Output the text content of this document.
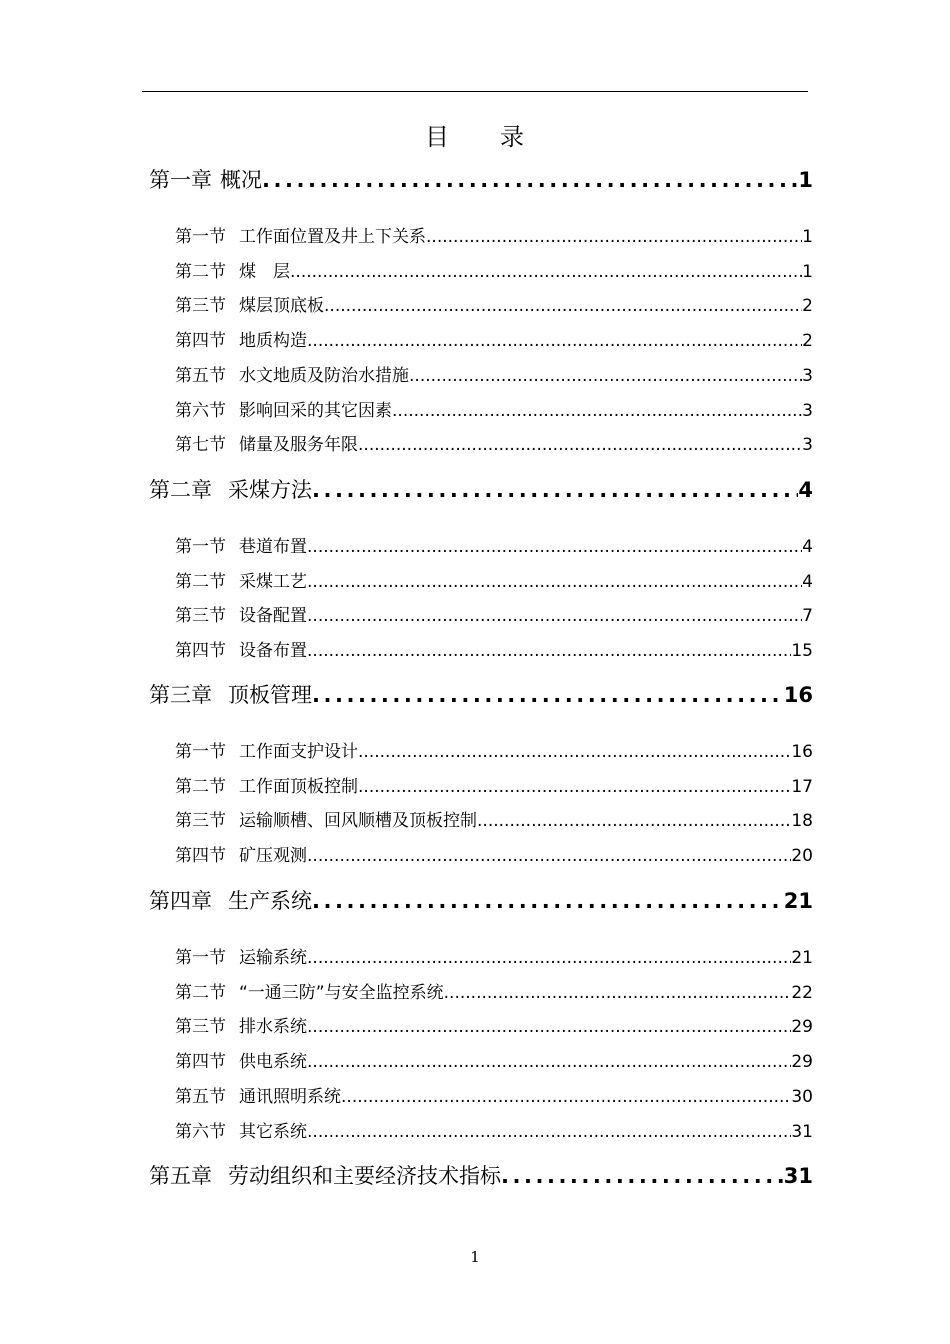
目　　录
第一章 概况 . . .	1
第一节 工作面位置及井上下关系 . . .	1
第二节 煤　层 . . .	1
第三节 煤层顶底板 . . .	2
第四节 地质构造 . . .	2
第五节 水文地质及防治水措施 . . .	3
第六节 影响回采的其它因素 . . .	3
第七节 储量及服务年限 . . .	3
第二章 采煤方法 . . .	4
第一节 巷道布置 . . .	4
第二节 采煤工艺 . . .	4
第三节 设备配置 . . .	7
第四节 设备布置 . . .	15
第三章 顶板管理 . . .	16
第一节 工作面支护设计 . . .	16
第二节 工作面顶板控制 . . .	17
第三节 运输顺槽、回风顺槽及顶板控制 . . .	18
第四节 矿压观测 . . .	20
第四章 生产系统 . . .	21
第一节 运输系统 . . .	21
第二节 “一通三防”与安全监控系统 . . .	22
第三节 排水系统 . . .	29
第四节 供电系统 . . .	29
第五节 通讯照明系统 . . .	30
第六节 其它系统 . . .	31
第五章 劳动组织和主要经济技术指标 . . .	31
1
